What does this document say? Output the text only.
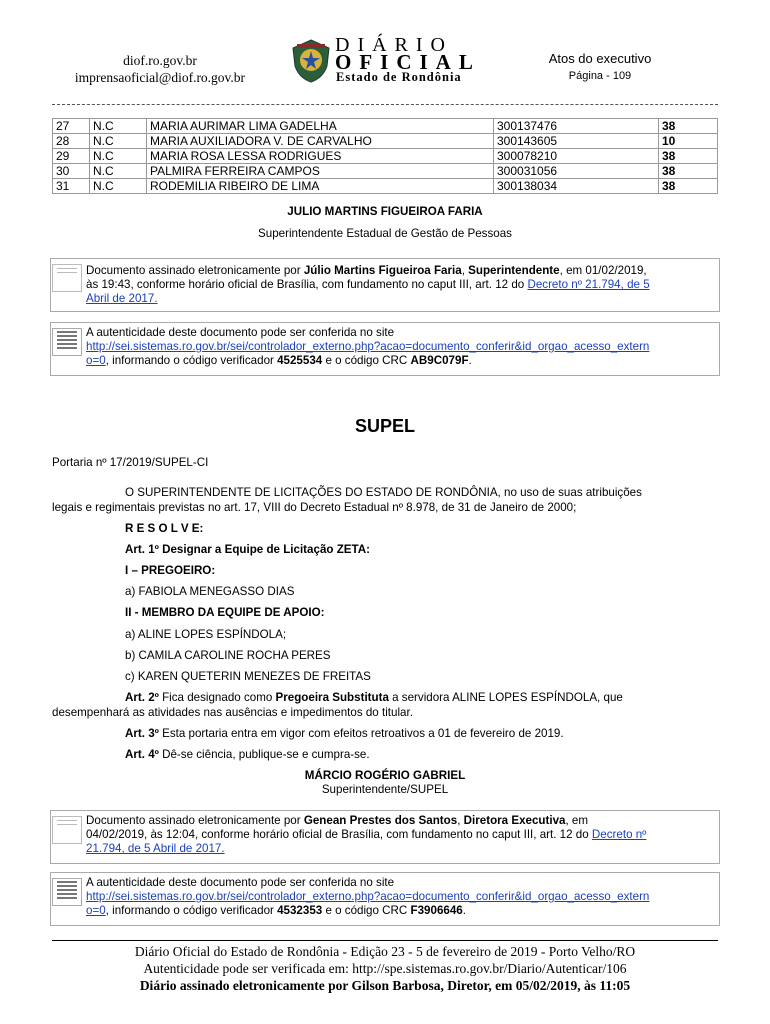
diof.ro.gov.br
imprensaoficial@diof.ro.gov.br
DIÁRIO
OFICIAL
Estado de Rondônia
Atos do executivo
Página - 109
27	N.C	MARIA AURIMAR LIMA GADELHA	300137476	38
28	N.C	MARIA AUXILIADORA V. DE CARVALHO	300143605	10
29	N.C	MARIA ROSA LESSA RODRIGUES	300078210	38
30	N.C	PALMIRA FERREIRA CAMPOS	300031056	38
31	N.C	RODEMILIA RIBEIRO DE LIMA	300138034	38
JULIO MARTINS FIGUEIROA FARIA
Superintendente Estadual de Gestão de Pessoas
Documento assinado eletronicamente por Júlio Martins Figueiroa Faria, Superintendente, em 01/02/2019,
às 19:43, conforme horário oficial de Brasília, com fundamento no caput III, art. 12 do Decreto nº 21.794, de 5
Abril de 2017.
A autenticidade deste documento pode ser conferida no site
http://sei.sistemas.ro.gov.br/sei/controlador_externo.php?acao=documento_conferir&id_orgao_acesso_extern
o=0, informando o código verificador 4525534 e o código CRC AB9C079F.
SUPEL
Portaria nº 17/2019/SUPEL-CI
O SUPERINTENDENTE DE LICITAÇÕES DO ESTADO DE RONDÔNIA, no uso de suas atribuições
legais e regimentais previstas no art. 17, VIII do Decreto Estadual nº 8.978, de 31 de Janeiro de 2000;
R E S O L V E:
Art. 1º Designar a Equipe de Licitação ZETA:
I – PREGOEIRO:
a) FABIOLA MENEGASSO DIAS
II - MEMBRO DA EQUIPE DE APOIO:
a) ALINE LOPES ESPÍNDOLA;
b) CAMILA CAROLINE ROCHA PERES
c) KAREN QUETERIN MENEZES DE FREITAS
Art. 2º Fica designado como Pregoeira Substituta a servidora ALINE LOPES ESPÍNDOLA, que
desempenhará as atividades nas ausências e impedimentos do titular.
Art. 3º Esta portaria entra em vigor com efeitos retroativos a 01 de fevereiro de 2019.
Art. 4º Dê-se ciência, publique-se e cumpra-se.
MÁRCIO ROGÉRIO GABRIEL
Superintendente/SUPEL
Documento assinado eletronicamente por Genean Prestes dos Santos, Diretora Executiva, em
04/02/2019, às 12:04, conforme horário oficial de Brasília, com fundamento no caput III, art. 12 do Decreto nº
21.794, de 5 Abril de 2017.
A autenticidade deste documento pode ser conferida no site
http://sei.sistemas.ro.gov.br/sei/controlador_externo.php?acao=documento_conferir&id_orgao_acesso_extern
o=0, informando o código verificador 4532353 e o código CRC F3906646.
Diário Oficial do Estado de Rondônia - Edição 23 - 5 de fevereiro de 2019 - Porto Velho/RO
Autenticidade pode ser verificada em: http://spe.sistemas.ro.gov.br/Diario/Autenticar/106
Diário assinado eletronicamente por Gilson Barbosa, Diretor, em 05/02/2019, às 11:05
